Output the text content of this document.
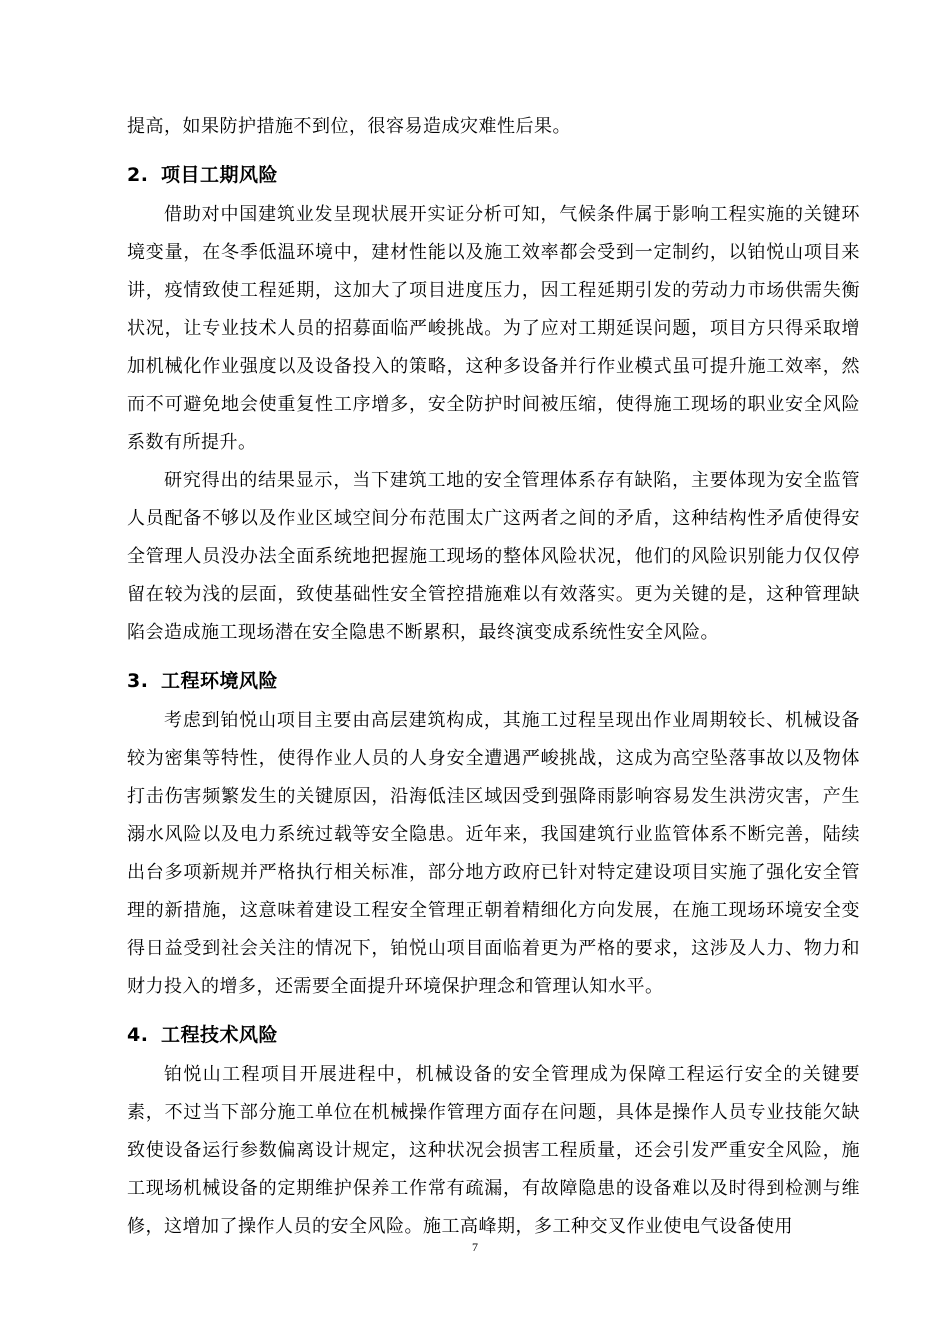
提高，如果防护措施不到位，很容易造成灾难性后果。

2. 项目工期风险

借助对中国建筑业发呈现状展开实证分析可知，气候条件属于影响工程实施的关键环境变量，在冬季低温环境中，建材性能以及施工效率都会受到一定制约，以铂悦山项目来讲，疫情致使工程延期，这加大了项目进度压力，因工程延期引发的劳动力市场供需失衡状况，让专业技术人员的招募面临严峻挑战。为了应对工期延误问题，项目方只得采取增加机械化作业强度以及设备投入的策略，这种多设备并行作业模式虽可提升施工效率，然而不可避免地会使重复性工序增多，安全防护时间被压缩，使得施工现场的职业安全风险系数有所提升。

研究得出的结果显示，当下建筑工地的安全管理体系存有缺陷，主要体现为安全监管人员配备不够以及作业区域空间分布范围太广这两者之间的矛盾，这种结构性矛盾使得安全管理人员没办法全面系统地把握施工现场的整体风险状况，他们的风险识别能力仅仅停留在较为浅的层面，致使基础性安全管控措施难以有效落实。更为关键的是，这种管理缺陷会造成施工现场潜在安全隐患不断累积，最终演变成系统性安全风险。

3. 工程环境风险

考虑到铂悦山项目主要由高层建筑构成，其施工过程呈现出作业周期较长、机械设备较为密集等特性，使得作业人员的人身安全遭遇严峻挑战，这成为高空坠落事故以及物体打击伤害频繁发生的关键原因，沿海低洼区域因受到强降雨影响容易发生洪涝灾害，产生溺水风险以及电力系统过载等安全隐患。近年来，我国建筑行业监管体系不断完善，陆续出台多项新规并严格执行相关标准，部分地方政府已针对特定建设项目实施了强化安全管理的新措施，这意味着建设工程安全管理正朝着精细化方向发展，在施工现场环境安全变得日益受到社会关注的情况下，铂悦山项目面临着更为严格的要求，这涉及人力、物力和财力投入的增多，还需要全面提升环境保护理念和管理认知水平。

4. 工程技术风险

铂悦山工程项目开展进程中，机械设备的安全管理成为保障工程运行安全的关键要素，不过当下部分施工单位在机械操作管理方面存在问题，具体是操作人员专业技能欠缺致使设备运行参数偏离设计规定，这种状况会损害工程质量，还会引发严重安全风险，施工现场机械设备的定期维护保养工作常有疏漏，有故障隐患的设备难以及时得到检测与维修，这增加了操作人员的安全风险。施工高峰期，多工种交叉作业使电气设备使用

7
